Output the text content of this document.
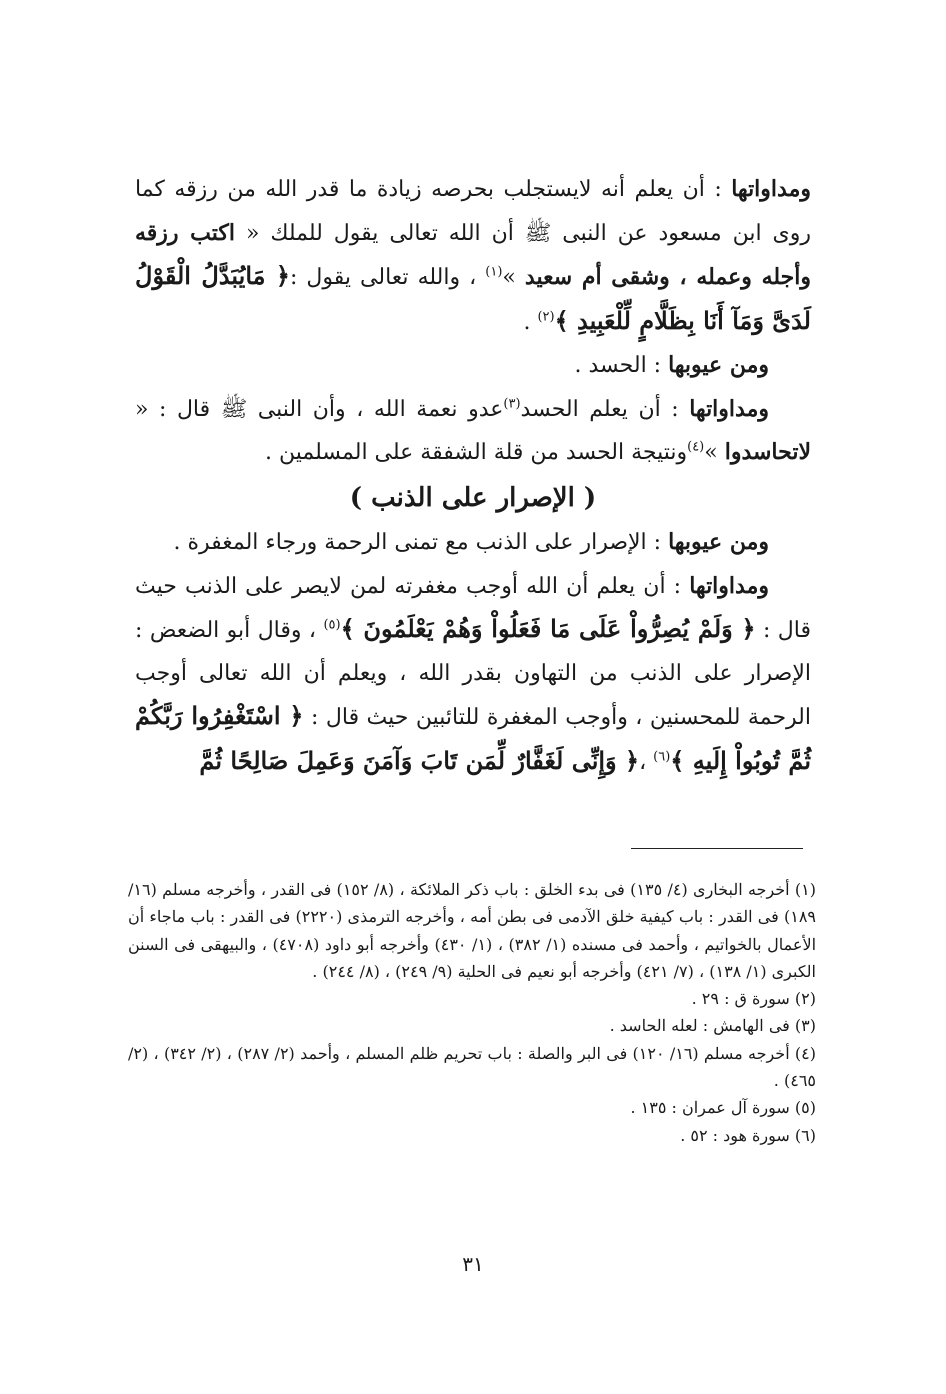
ومداواتها : أن يعلم أنه لايستجلب بحرصه زيادة ما قدر الله من رزقه كما روى ابن مسعود عن النبى ﷺ أن الله تعالى يقول للملك « اكتب رزقه وأجله وعمله ، وشقى أم سعيد »$^{(١)}$ ، والله تعالى يقول :﴿ مَايُبَدَّلُ الْقَوْلُ لَدَىَّ وَمَآ أَنَا بِظَلَّامٍ لِّلْعَبِيدِ ﴾$^{(٢)}$ .

ومن عيوبها : الحسد .

ومداواتها : أن يعلم الحسد$^{(٣)}$عدو نعمة الله ، وأن النبى ﷺ قال : « لاتحاسدوا »$^{(٤)}$ونتيجة الحسد من قلة الشفقة على المسلمين .

( الإصرار على الذنب )

ومن عيوبها : الإصرار على الذنب مع تمنى الرحمة ورجاء المغفرة .

ومداواتها : أن يعلم أن الله أوجب مغفرته لمن لايصر على الذنب حيث قال : ﴿ وَلَمْ يُصِرُّواْ عَلَى مَا فَعَلُواْ وَهُمْ يَعْلَمُونَ ﴾$^{(٥)}$ ، وقال أبو الضعض : الإصرار على الذنب من التهاون بقدر الله ، ويعلم أن الله تعالى أوجب الرحمة للمحسنين ، وأوجب المغفرة للتائبين حيث قال : ﴿ اسْتَغْفِرُوا رَبَّكُمْ ثُمَّ تُوبُواْ إِلَيهِ ﴾$^{(٦)}$ ،﴿ وَإِنِّى لَغَفَّارٌ لِّمَن تَابَ وَآمَنَ وَعَمِلَ صَالِحًا ثُمَّ

(١) أخرجه البخارى (٤/ ١٣٥) فى بدء الخلق : باب ذكر الملائكة ، (٨/ ١٥٢) فى القدر ، وأخرجه مسلم (١٦/ ١٨٩) فى القدر : باب كيفية خلق الآدمى فى بطن أمه ، وأخرجه الترمذى (٢٢٢٠) فى القدر : باب ماجاء أن الأعمال بالخواتيم ، وأحمد فى مسنده (١/ ٣٨٢) ، (١/ ٤٣٠) وأخرجه أبو داود (٤٧٠٨) ، والبيهقى فى السنن الكبرى (١/ ١٣٨) ، (٧/ ٤٢١) وأخرجه أبو نعيم فى الحلية (٩/ ٢٤٩) ، (٨/ ٢٤٤) .

(٢) سورة ق : ٢٩ .

(٣) فى الهامش : لعله الحاسد .

(٤) أخرجه مسلم (١٦/ ١٢٠) فى البر والصلة : باب تحريم ظلم المسلم ، وأحمد (٢/ ٢٨٧) ، (٢/ ٣٤٢) ، (٢/ ٤٦٥) .

(٥) سورة آل عمران : ١٣٥ .

(٦) سورة هود : ٥٢ .

٣١
